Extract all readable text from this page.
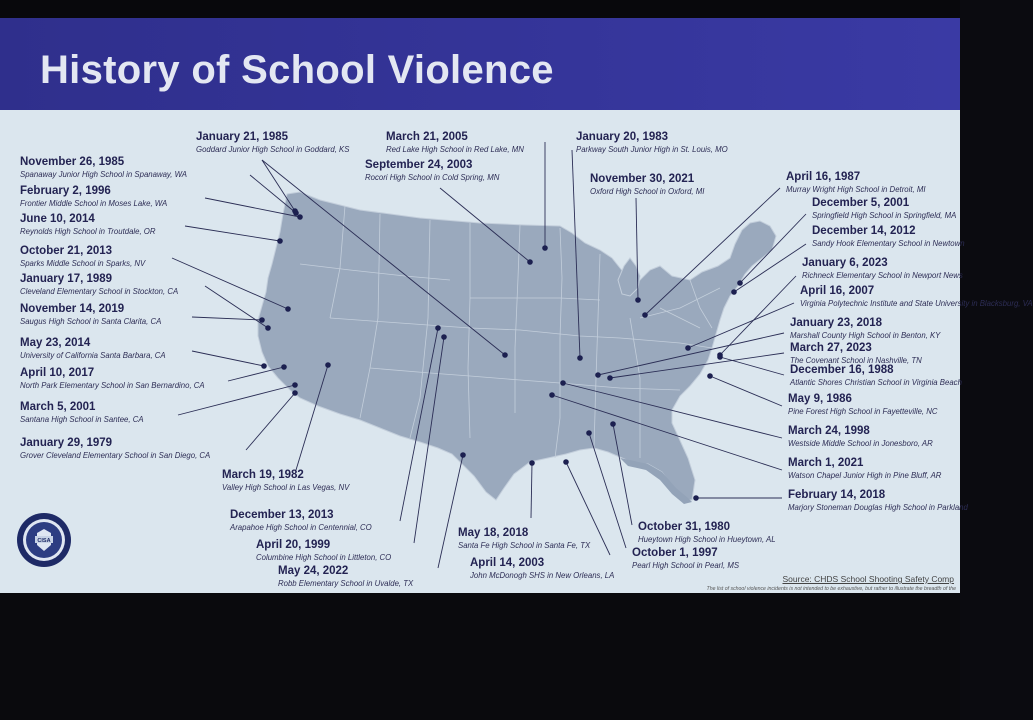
History of School Violence
January 21, 1985
Goddard Junior High School in Goddard, KS
March 21, 2005
Red Lake High School in Red Lake, MN
January 20, 1983
Parkway South Junior High in St. Louis, MO
November 26, 1985
Spanaway Junior High School in Spanaway, WA
September 24, 2003
Rocori High School in Cold Spring, MN	November 30, 2021
Oxford High School in Oxford, MI
February 2, 1996
Frontier Middle School in Moses Lake, WA
June 10, 2014
Reynolds High School in Troutdale, OR
October 21, 2013
Sparks Middle School in Sparks, NV
January 17, 1989
Cleveland Elementary School in Stockton, CA
November 14, 2019
Saugus High School in Santa Clarita, CA
May 23, 2014
University of California Santa Barbara, CA
April 10, 2017
North Park Elementary School in San Bernardino, CA
March 5, 2001
Santana High School in Santee, CA
January 29, 1979
Grover Cleveland Elementary School in San Diego, CA
March 19, 1982
Valley High School in Las Vegas, NV
December 13, 2013
Arapahoe High School in Centennial, CO
April 20, 1999
Columbine High School in Littleton, CO
May 24, 2022
Robb Elementary School in Uvalde, TX
May 18, 2018
Santa Fe High School in Santa Fe, TX
April 14, 2003
John McDonogh SHS in New Orleans, LA
October 31, 1980
Hueytown High School in Hueytown, AL
October 1, 1997
Pearl High School in Pearl, MS
April 16, 1987
Murray Wright High School in Detroit, MI
December 5, 2001
Springfield High School in Springfield, MA
December 14, 2012
Sandy Hook Elementary School in Newtown
January 6, 2023
Richneck Elementary School in Newport News
April 16, 2007
Virginia Polytechnic Institute and State University in Blacksburg, VA
January 23, 2018
Marshall County High School in Benton, KY
March 27, 2023
The Covenant School in Nashville, TN
December 16, 1988
Atlantic Shores Christian School in Virginia Beach
May 9, 1986
Pine Forest High School in Fayetteville, NC
March 24, 1998
Westside Middle School in Jonesboro, AR
March 1, 2021
Watson Chapel Junior High in Pine Bluff, AR
February 14, 2018
Marjory Stoneman Douglas High School in Parkland
CISA
Source: CHDS School Shooting Safety Comp
The list of school violence incidents is not intended to be exhaustive, but rather to illustrate the breadth of the
